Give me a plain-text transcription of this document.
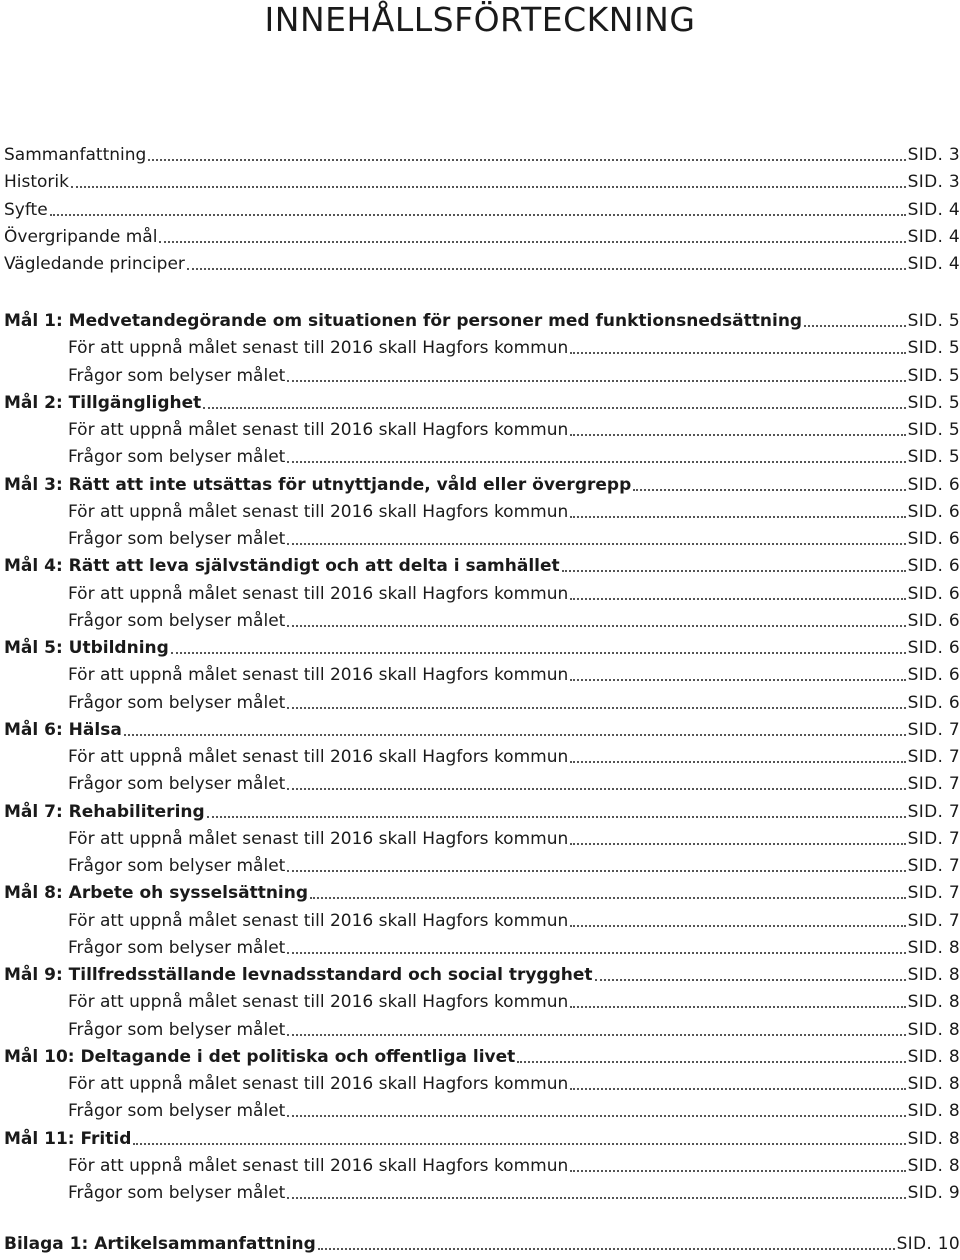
INNEHÅLLSFÖRTECKNING
Sammanfattning	SID. 3
Historik	SID. 3
Syfte	SID. 4
Övergripande mål	SID. 4
Vägledande principer	SID. 4
Mål 1: Medvetandegörande om situationen för personer med funktionsnedsättning	SID. 5
För att uppnå målet senast till 2016 skall Hagfors kommun	SID. 5
Frågor som belyser målet	SID. 5
Mål 2: Tillgänglighet	SID. 5
För att uppnå målet senast till 2016 skall Hagfors kommun	SID. 5
Frågor som belyser målet	SID. 5
Mål 3: Rätt att inte utsättas för utnyttjande, våld eller övergrepp	SID. 6
För att uppnå målet senast till 2016 skall Hagfors kommun	SID. 6
Frågor som belyser målet	SID. 6
Mål 4: Rätt att leva självständigt och att delta i samhället	SID. 6
För att uppnå målet senast till 2016 skall Hagfors kommun	SID. 6
Frågor som belyser målet	SID. 6
Mål 5: Utbildning	SID. 6
För att uppnå målet senast till 2016 skall Hagfors kommun	SID. 6
Frågor som belyser målet	SID. 6
Mål 6: Hälsa	SID. 7
För att uppnå målet senast till 2016 skall Hagfors kommun	SID. 7
Frågor som belyser målet	SID. 7
Mål 7: Rehabilitering	SID. 7
För att uppnå målet senast till 2016 skall Hagfors kommun	SID. 7
Frågor som belyser målet	SID. 7
Mål 8: Arbete oh sysselsättning	SID. 7
För att uppnå målet senast till 2016 skall Hagfors kommun	SID. 7
Frågor som belyser målet	SID. 8
Mål 9: Tillfredsställande levnadsstandard och social trygghet	SID. 8
För att uppnå målet senast till 2016 skall Hagfors kommun	SID. 8
Frågor som belyser målet	SID. 8
Mål 10: Deltagande i det politiska och offentliga livet	SID. 8
För att uppnå målet senast till 2016 skall Hagfors kommun	SID. 8
Frågor som belyser målet	SID. 8
Mål 11: Fritid	SID. 8
För att uppnå målet senast till 2016 skall Hagfors kommun	SID. 8
Frågor som belyser målet	SID. 9
Bilaga 1: Artikelsammanfattning	SID. 10
